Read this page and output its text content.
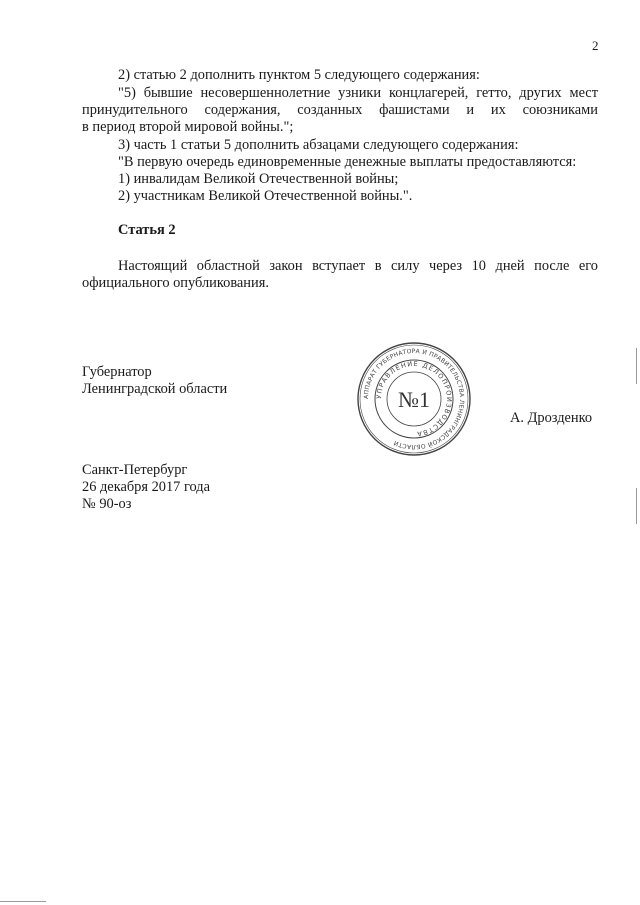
2
2) статью 2 дополнить пунктом 5 следующего содержания:
"5) бывшие несовершеннолетние узники концлагерей, гетто, других мест
принудительного содержания, созданных фашистами и их союзниками
в период второй мировой войны.";
3) часть 1 статьи 5 дополнить абзацами следующего содержания:
"В первую очередь единовременные денежные выплаты предоставляются:
1) инвалидам Великой Отечественной войны;
2) участникам Великой Отечественной войны.".
Статья 2
Настоящий областной закон вступает в силу через 10 дней после его
официального опубликования.
Губернатор
Ленинградской области	АППАРАТ ГУБЕРНАТОРА И ПРАВИТЕЛЬСТВА ЛЕНИНГРАДСКОЙ ОБЛАСТИ
УПРАВЛЕНИЕ ДЕЛОПРОИЗВОДСТВА
№1
А. Дрозденко
Санкт-Петербург
26 декабря 2017 года
№ 90-оз
